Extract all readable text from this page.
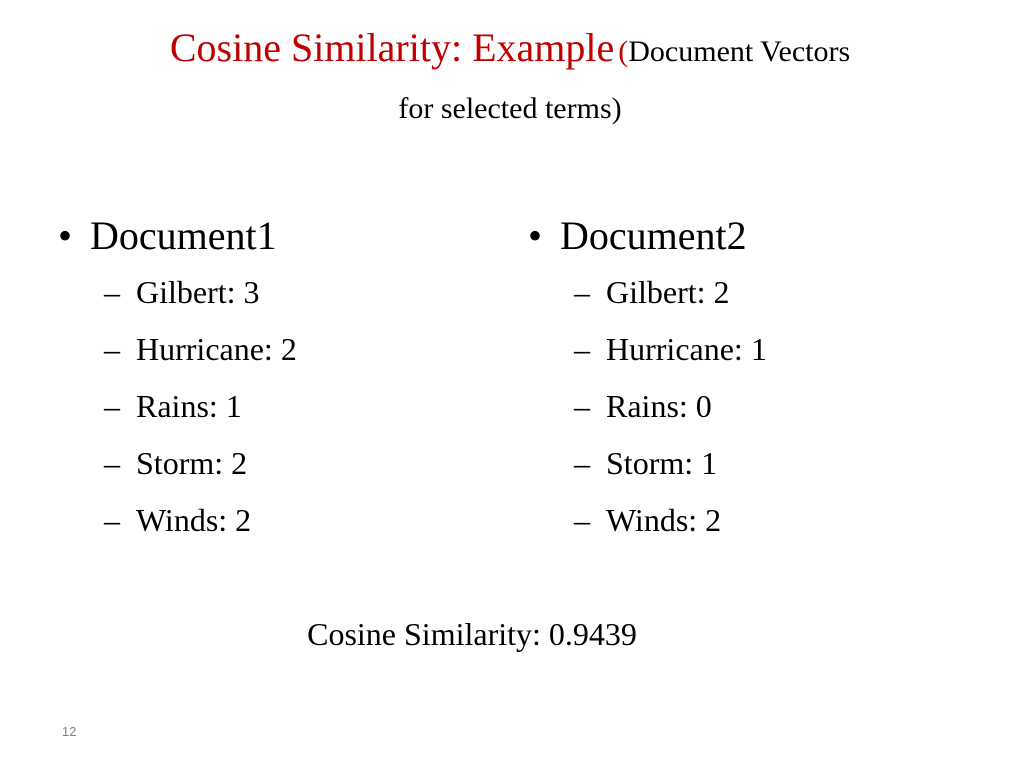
Cosine Similarity: Example (Document Vectors
for selected terms)
• Document1
– Gilbert: 3
– Hurricane: 2
– Rains: 1
– Storm: 2
– Winds: 2
• Document2
– Gilbert: 2
– Hurricane: 1
– Rains: 0
– Storm: 1
– Winds: 2
Cosine Similarity: 0.9439
12
